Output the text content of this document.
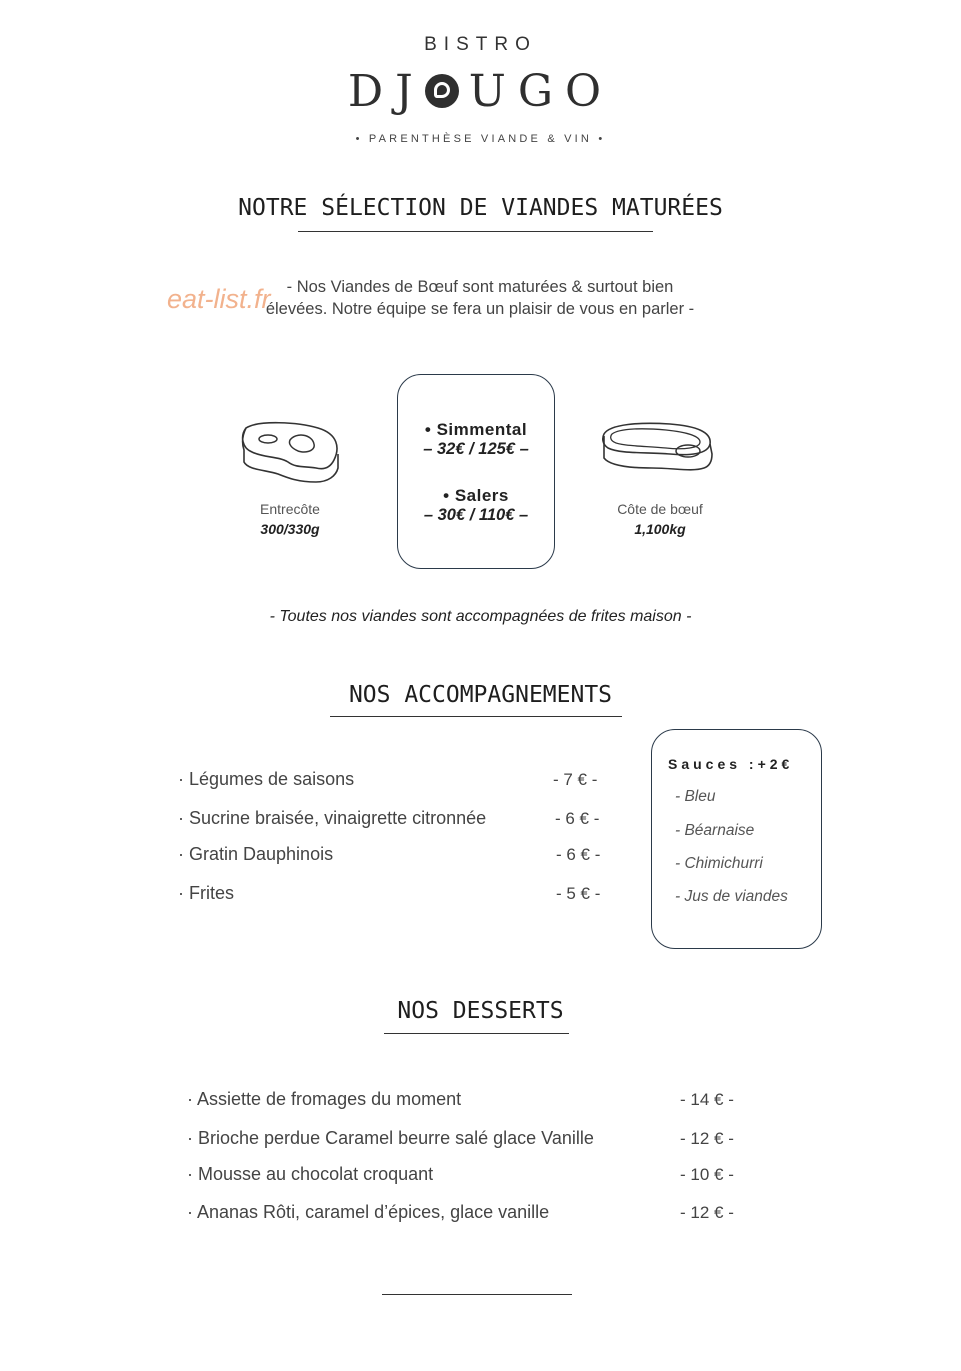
BISTRO
DJ UGO
• PARENTHÈSE VIANDE & VIN •
NOTRE SÉLECTION DE VIANDES MATURÉES
- Nos Viandes de Bœuf sont maturées & surtout bien
élevées. Notre équipe se fera un plaisir de vous en parler -
eat-list.fr
Entrecôte
300/330g
• Simmental
– 32€ / 125€ –
• Salers
– 30€ / 110€ –	Côte de bœuf
1,100kg
- Toutes nos viandes sont accompagnées de frites maison -
NOS ACCOMPAGNEMENTS
· Légumes de saisons	- 7 € -
· Sucrine braisée, vinaigrette citronnée	- 6 € -
· Gratin Dauphinois	- 6 € -
· Frites	- 5 € -
Sauces :+2€
- Bleu
- Béarnaise
- Chimichurri
- Jus de viandes
NOS DESSERTS
· Assiette de fromages du moment	- 14 € -
· Brioche perdue Caramel beurre salé glace Vanille	- 12 € -
· Mousse au chocolat croquant	- 10 € -
· Ananas Rôti, caramel d’épices, glace vanille	- 12 € -
